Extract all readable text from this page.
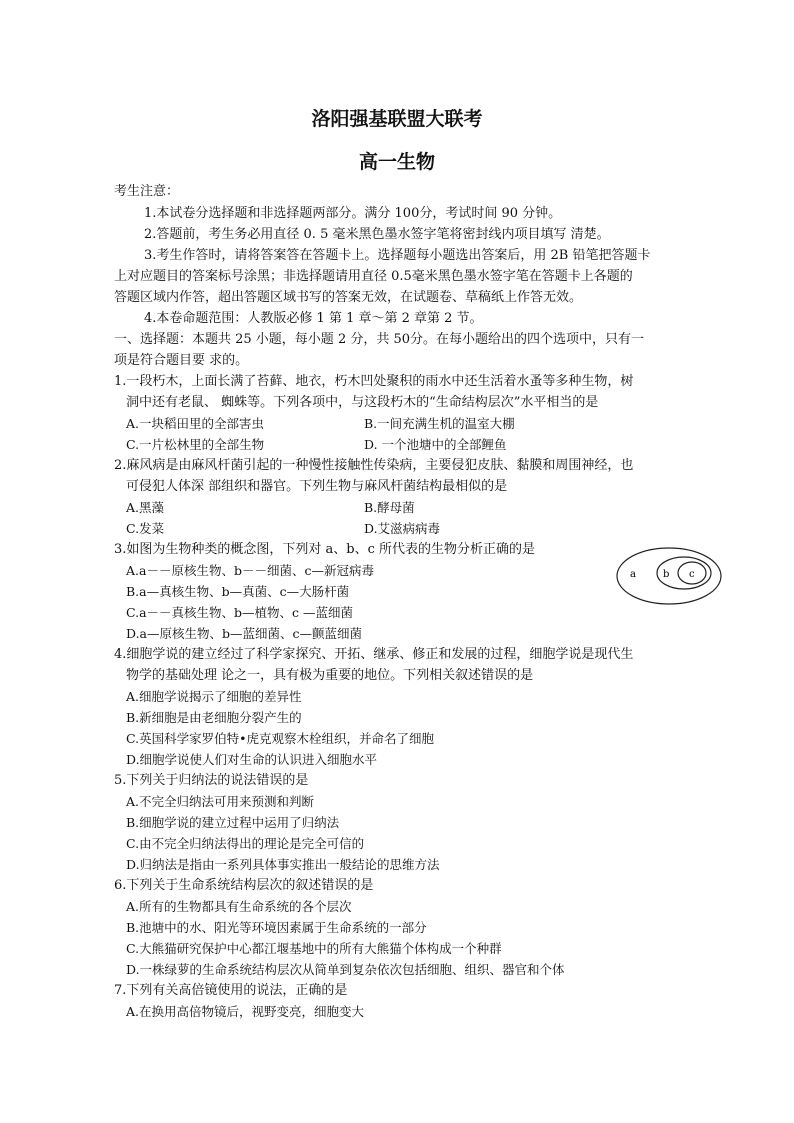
洛阳强基联盟大联考
高一生物
考生注意：
1.本试卷分选择题和非选择题两部分。满分 100分，考试时间 90 分钟。
2.答题前，考生务必用直径 0. 5 毫米黑色墨水签字笔将密封线内项目填写 清楚。
3.考生作答时，请将答案答在答题卡上。选择题每小题选出答案后，用 2B 铅笔把答题卡
上对应题目的答案标号涂黑；非选择题请用直径 0.5毫米黑色墨水签字笔在答题卡上各题的
答题区域内作答，超出答题区域书写的答案无效，在试题卷、草稿纸上作答无效。
4.本卷命题范围：人教版必修 1 第 1 章～第 2 章第 2 节。
一、选择题：本题共 25 小题，每小题 2 分，共 50分。在每小题给出的四个选项中，只有一
项是符合题目要 求的。
1.一段朽木，上面长满了苔藓、地衣，朽木凹处聚积的雨水中还生活着水蚤等多种生物，树
洞中还有老鼠、 蜘蛛等。下列各项中，与这段朽木的“生命结构层次”水平相当的是
A.一块稻田里的全部害虫	B.一间充满生机的温室大棚
C.一片松林里的全部生物	D. 一个池塘中的全部鲤鱼
2.麻风病是由麻风杆菌引起的一种慢性接触性传染病，主要侵犯皮肤、黏膜和周围神经，也
可侵犯人体深 部组织和器官。下列生物与麻风杆菌结构最相似的是
A.黑藻	B.酵母菌
C.发菜	D.艾滋病病毒
3.如图为生物种类的概念图，下列对 a、b、c 所代表的生物分析正确的是
A.a－－原核生物、b－－细菌、c—新冠病毒
B.a—真核生物、b—真菌、c—大肠杆菌
C.a－－真核生物、b—植物、c —蓝细菌
D.a—原核生物、b—蓝细菌、c—颤蓝细菌
a	b c
4.细胞学说的建立经过了科学家探究、开拓、继承、修正和发展的过程，细胞学说是现代生
物学的基础处理 论之一，具有极为重要的地位。下列相关叙述错误的是
A.细胞学说揭示了细胞的差异性
B.新细胞是由老细胞分裂产生的
C.英国科学家罗伯特•虎克观察木栓组织，并命名了细胞
D.细胞学说使人们对生命的认识进入细胞水平
5.下列关于归纳法的说法错误的是
A.不完全归纳法可用来预测和判断
B.细胞学说的建立过程中运用了归纳法
C.由不完全归纳法得出的理论是完全可信的
D.归纳法是指由一系列具体事实推出一般结论的思维方法
6.下列关于生命系统结构层次的叙述错误的是
A.所有的生物都具有生命系统的各个层次
B.池塘中的水、阳光等环境因素属于生命系统的一部分
C.大熊猫研究保护中心都江堰基地中的所有大熊猫个体构成一个种群
D.一株绿萝的生命系统结构层次从简单到复杂依次包括细胞、组织、器官和个体
7.下列有关高倍镜使用的说法，正确的是
A.在换用高倍物镜后，视野变亮，细胞变大
